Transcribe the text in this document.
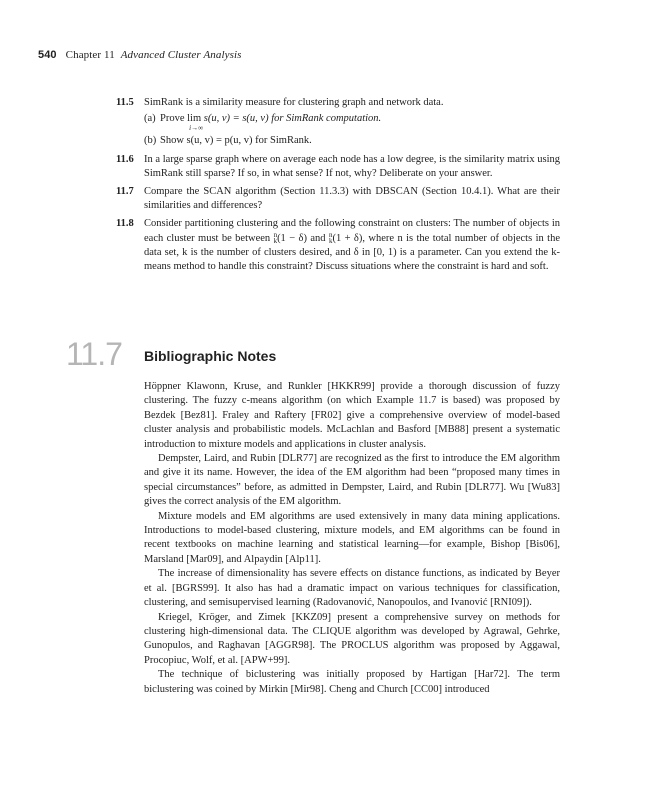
540 Chapter 11 Advanced Cluster Analysis
11.5 SimRank is a similarity measure for clustering graph and network data.
(a) Prove lim
i→∞
s(u, v) = s(u, v) for SimRank computation.
(b) Show s(u, v) = p(u, v) for SimRank.
11.6 In a large sparse graph where on average each node has a low degree, is the similarity matrix using SimRank still sparse? If so, in what sense? If not, why? Deliberate on your answer.
11.7 Compare the SCAN algorithm (Section 11.3.3) with DBSCAN (Section 10.4.1). What are their similarities and differences?
11.8 Consider partitioning clustering and the following constraint on clusters: The number of objects in each cluster must be between n
k (1 − δ) and n
k (1 + δ), where n is the total number of objects in the data set, k is the number of clusters desired, and δ in [0, 1) is a parameter. Can you extend the k-means method to handle this constraint? Discuss situations where the constraint is hard and soft.
11.7 Bibliographic Notes

Höppner Klawonn, Kruse, and Runkler [HKKR99] provide a thorough discussion of fuzzy clustering. The fuzzy c-means algorithm (on which Example 11.7 is based) was proposed by Bezdek [Bez81]. Fraley and Raftery [FR02] give a comprehensive overview of model-based cluster analysis and probabilistic models. McLachlan and Basford [MB88] present a systematic introduction to mixture models and applications in cluster analysis.

Dempster, Laird, and Rubin [DLR77] are recognized as the first to introduce the EM algorithm and give it its name. However, the idea of the EM algorithm had been “proposed many times in special circumstances” before, as admitted in Dempster, Laird, and Rubin [DLR77]. Wu [Wu83] gives the correct analysis of the EM algorithm.

Mixture models and EM algorithms are used extensively in many data mining applications. Introductions to model-based clustering, mixture models, and EM algorithms can be found in recent textbooks on machine learning and statistical learning—for example, Bishop [Bis06], Marsland [Mar09], and Alpaydin [Alp11].

The increase of dimensionality has severe effects on distance functions, as indicated by Beyer et al. [BGRS99]. It also has had a dramatic impact on various techniques for classification, clustering, and semisupervised learning (Radovanović, Nanopoulos, and Ivanović [RNI09]).

Kriegel, Kröger, and Zimek [KKZ09] present a comprehensive survey on methods for clustering high-dimensional data. The CLIQUE algorithm was developed by Agrawal, Gehrke, Gunopulos, and Raghavan [AGGR98]. The PROCLUS algorithm was proposed by Aggawal, Procopiuc, Wolf, et al. [APW+99].

The technique of biclustering was initially proposed by Hartigan [Har72]. The term biclustering was coined by Mirkin [Mir98]. Cheng and Church [CC00] introduced
